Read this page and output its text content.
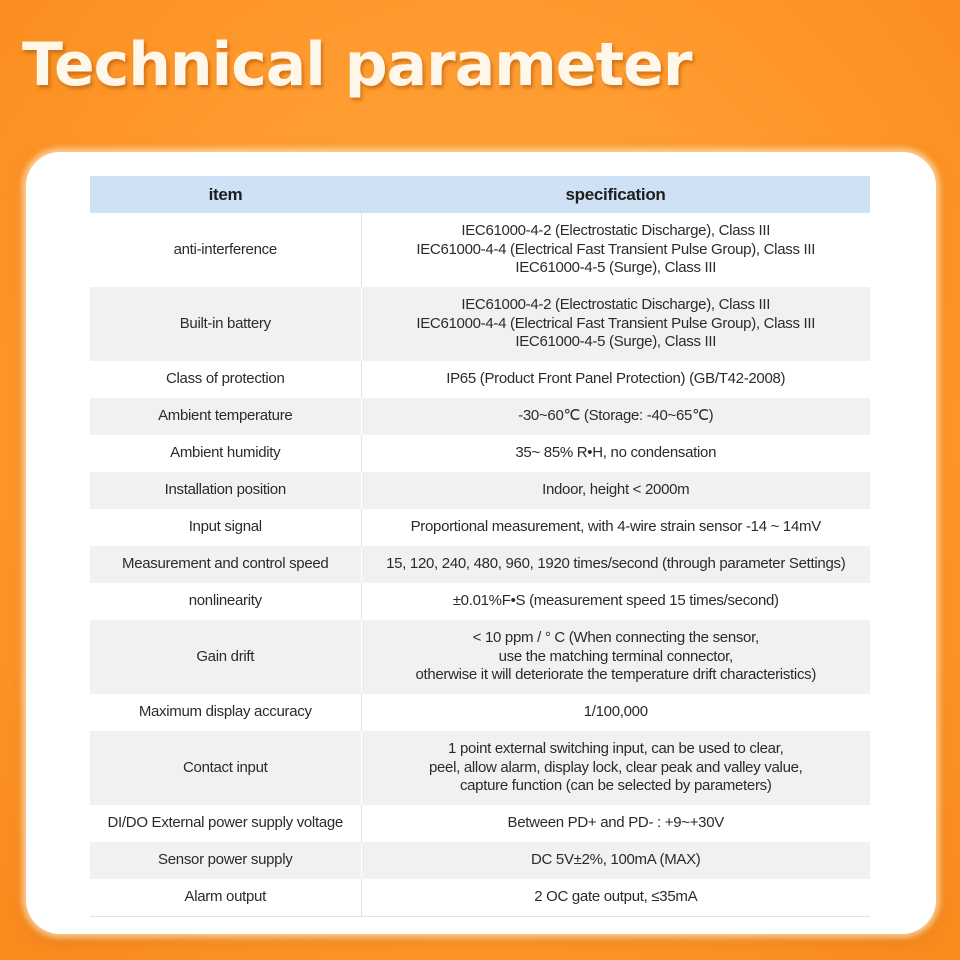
Technical parameter
item	specification
anti-interference	IEC61000-4-2 (Electrostatic Discharge), Class III
IEC61000-4-4 (Electrical Fast Transient Pulse Group), Class III
IEC61000-4-5 (Surge), Class III

Built-in battery	IEC61000-4-2 (Electrostatic Discharge), Class III
IEC61000-4-4 (Electrical Fast Transient Pulse Group), Class III
IEC61000-4-5 (Surge), Class III

Class of protection	IP65 (Product Front Panel Protection) (GB/T42-2008)

Ambient temperature	-30~60℃ (Storage: -40~65℃)

Ambient humidity	35~ 85% R•H, no condensation

Installation position	Indoor, height < 2000m

Input signal	Proportional measurement, with 4-wire strain sensor -14 ~ 14mV

Measurement and control speed	15, 120, 240, 480, 960, 1920 times/second (through parameter Settings)

nonlinearity	±0.01%F•S (measurement speed 15 times/second)

Gain drift	< 10 ppm / ° C (When connecting the sensor,
use the matching terminal connector,
otherwise it will deteriorate the temperature drift characteristics)

Maximum display accuracy	1/100,000

Contact input	1 point external switching input, can be used to clear,
peel, allow alarm, display lock, clear peak and valley value,
capture function (can be selected by parameters)

DI/DO External power supply voltage	Between PD+ and PD- : +9~+30V

Sensor power supply	DC 5V±2%, 100mA (MAX)

Alarm output	2 OC gate output, ≤35mA
